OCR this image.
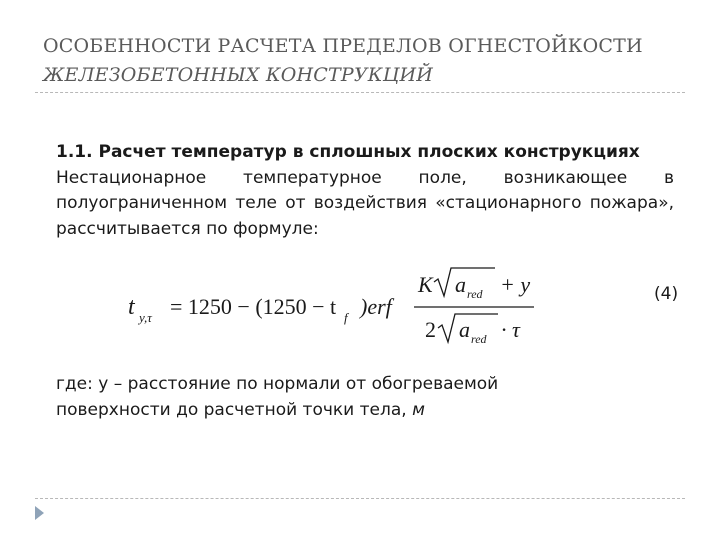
ОСОБЕННОСТИ РАСЧЕТА ПРЕДЕЛОВ ОГНЕСТОЙКОСТИ
ЖЕЛЕЗОБЕТОННЫХ КОНСТРУКЦИЙ

1.1. Расчет температур в сплошных плоских конструкциях

Нестационарное температурное поле, возникающее в полуограниченном теле от воздействия «стационарного пожара», рассчитывается по формуле:

t y,τ = 1250 − (1250 − t f )erf
K a red + y
2 a red · τ
(4)

где: у – расстояние по нормали от обогреваемой

поверхности до расчетной точки тела, м
